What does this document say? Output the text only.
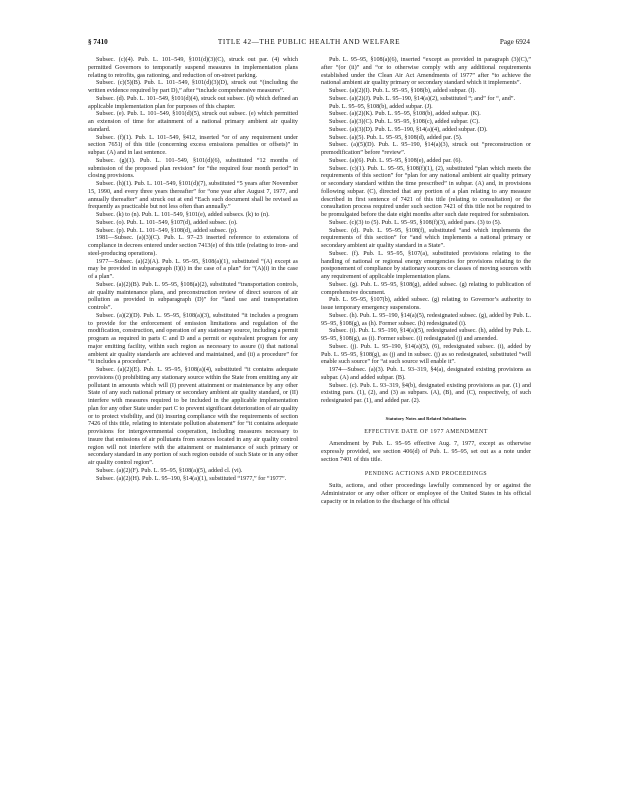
TITLE 42—THE PUBLIC HEALTH AND WELFARE
§ 7410	Page 6924

Subsec. (c)(4). Pub. L. 101–549, §101(d)(3)(C), struck out par. (4) which permitted Governors to temporarily suspend measures in implementation plans relating to retrofits, gas rationing, and reduction of on-street parking.

Subsec. (c)(5)(B). Pub. L. 101–549, §101(d)(3)(D), struck out “(including the written evidence required by part D),” after “include comprehensive measures”.

Subsec. (d). Pub. L. 101–549, §101(d)(4), struck out subsec. (d) which defined an applicable implementation plan for purposes of this chapter.

Subsec. (e). Pub. L. 101–549, §101(d)(5), struck out subsec. (e) which permitted an extension of time for attainment of a national primary ambient air quality standard.

Subsec. (f)(1). Pub. L. 101–549, §412, inserted “or of any requirement under section 7651j of this title (concerning excess emissions penalties or offsets)” in subpar. (A) and in last sentence.

Subsec. (g)(1). Pub. L. 101–549, §101(d)(6), substituted “12 months of submission of the proposed plan revision” for “the required four month period” in closing provisions.

Subsec. (h)(1). Pub. L. 101–549, §101(d)(7), substituted “5 years after November 15, 1990, and every three years thereafter” for “one year after August 7, 1977, and annually thereafter” and struck out at end “Each such document shall be revised as frequently as practicable but not less often than annually.”

Subsec. (k) to (n). Pub. L. 101–549, §101(e), added subsecs. (k) to (n).

Subsec. (o). Pub. L. 101–549, §107(d), added subsec. (o).

Subsec. (p). Pub. L. 101–549, §108(d), added subsec. (p).

1981—Subsec. (a)(3)(C). Pub. L. 97–23 inserted reference to extensions of compliance in decrees entered under section 7413(e) of this title (relating to iron- and steel-producing operations).

1977—Subsec. (a)(2)(A). Pub. L. 95–95, §108(a)(1), substituted “(A) except as may be provided in subparagraph (I)(i) in the case of a plan” for “(A)(i) in the case of a plan”.

Subsec. (a)(2)(B). Pub. L. 95–95, §108(a)(2), substituted “transportation controls, air quality maintenance plans, and preconstruction review of direct sources of air pollution as provided in subparagraph (D)” for “land use and transportation controls”.

Subsec. (a)(2)(D). Pub. L. 95–95, §108(a)(3), substituted “it includes a program to provide for the enforcement of emission limitations and regulation of the modification, construction, and operation of any stationary source, including a permit program as required in parts C and D and a permit or equivalent program for any major emitting facility, within such region as necessary to assure (i) that national ambient air quality standards are achieved and maintained, and (ii) a procedure” for “it includes a procedure”.

Subsec. (a)(2)(E). Pub. L. 95–95, §108(a)(4), substituted “it contains adequate provisions (i) prohibiting any stationary source within the State from emitting any air pollutant in amounts which will (I) prevent attainment or maintenance by any other State of any such national primary or secondary ambient air quality standard, or (II) interfere with measures required to be included in the applicable implementation plan for any other State under part C to prevent significant deterioration of air quality or to protect visibility, and (ii) insuring compliance with the requirements of section 7426 of this title, relating to interstate pollution abatement” for “it contains adequate provisions for intergovernmental cooperation, including measures necessary to insure that emissions of air pollutants from sources located in any air quality control region will not interfere with the attainment or maintenance of such primary or secondary standard in any portion of such region outside of such State or in any other air quality control region”.

Subsec. (a)(2)(F). Pub. L. 95–95, §108(a)(5), added cl. (vi).

Subsec. (a)(2)(H). Pub. L. 95–190, §14(a)(1), substituted “1977,” for “1977”.

Pub. L. 95–95, §108(a)(6), inserted “except as provided in paragraph (3)(C),” after “(or (ii)” and “or to otherwise comply with any additional requirements established under the Clean Air Act Amendments of 1977” after “to achieve the national ambient air quality primary or secondary standard which it implements”.

Subsec. (a)(2)(I). Pub. L. 95–95, §108(b), added subpar. (I).

Subsec. (a)(2)(J). Pub. L. 95–190, §14(a)(2), substituted “; and” for “, and”.

Pub. L. 95–95, §108(b), added subpar. (J).

Subsec. (a)(2)(K). Pub. L. 95–95, §108(b), added subpar. (K).

Subsec. (a)(3)(C). Pub. L. 95–95, §108(c), added subpar. (C).

Subsec. (a)(3)(D). Pub. L. 95–190, §14(a)(4), added subpar. (D).

Subsec. (a)(5). Pub. L. 95–95, §108(d), added par. (5).

Subsec. (a)(5)(D). Pub. L. 95–190, §14(a)(3), struck out “preconstruction or premodification” before “review”.

Subsec. (a)(6). Pub. L. 95–95, §108(e), added par. (6).

Subsec. (c)(1). Pub. L. 95–95, §108(f)(1), (2), substituted “plan which meets the requirements of this section” for “plan for any national ambient air quality primary or secondary standard within the time prescribed” in subpar. (A) and, in provisions following subpar. (C), directed that any portion of a plan relating to any measure described in first sentence of 7421 of this title (relating to consultation) or the consultation process required under such section 7421 of this title not be required to be promulgated before the date eight months after such date required for submission.

Subsec. (c)(3) to (5). Pub. L. 95–95, §108(f)(3), added pars. (3) to (5).

Subsec. (d). Pub. L. 95–95, §108(f), substituted “and which implements the requirements of this section” for “and which implements a national primary or secondary ambient air quality standard in a State”.

Subsec. (f). Pub. L. 95–95, §107(a), substituted provisions relating to the handling of national or regional energy emergencies for provisions relating to the postponement of compliance by stationary sources or classes of moving sources with any requirement of applicable implementation plans.

Subsec. (g). Pub. L. 95–95, §108(g), added subsec. (g) relating to publication of comprehensive document.

Pub. L. 95–95, §107(b), added subsec. (g) relating to Governor’s authority to issue temporary emergency suspensions.

Subsec. (h). Pub. L. 95–190, §14(a)(5), redesignated subsec. (g), added by Pub. L. 95–95, §108(g), as (h). Former subsec. (h) redesignated (i).

Subsec. (i). Pub. L. 95–190, §14(a)(5), redesignated subsec. (h), added by Pub. L. 95–95, §108(g), as (i). Former subsec. (i) redesignated (j) and amended.

Subsec. (j). Pub. L. 95–190, §14(a)(5), (6), redesignated subsec. (i), added by Pub. L. 95–95, §108(g), as (j) and in subsec. (j) as so redesignated, substituted “will enable such source” for “at such source will enable it”.

1974—Subsec. (a)(3). Pub. L. 93–319, §4(a), designated existing provisions as subpar. (A) and added subpar. (B).

Subsec. (c). Pub. L. 93–319, §4(b), designated existing provisions as par. (1) and existing pars. (1), (2), and (3) as subpars. (A), (B), and (C), respectively, of such redesignated par. (1), and added par. (2).

Statutory Notes and Related Subsidiaries
EFFECTIVE DATE OF 1977 AMENDMENT

Amendment by Pub. L. 95–95 effective Aug. 7, 1977, except as otherwise expressly provided, see section 406(d) of Pub. L. 95–95, set out as a note under section 7401 of this title.

PENDING ACTIONS AND PROCEEDINGS

Suits, actions, and other proceedings lawfully commenced by or against the Administrator or any other officer or employee of the United States in his official capacity or in relation to the discharge of his official
